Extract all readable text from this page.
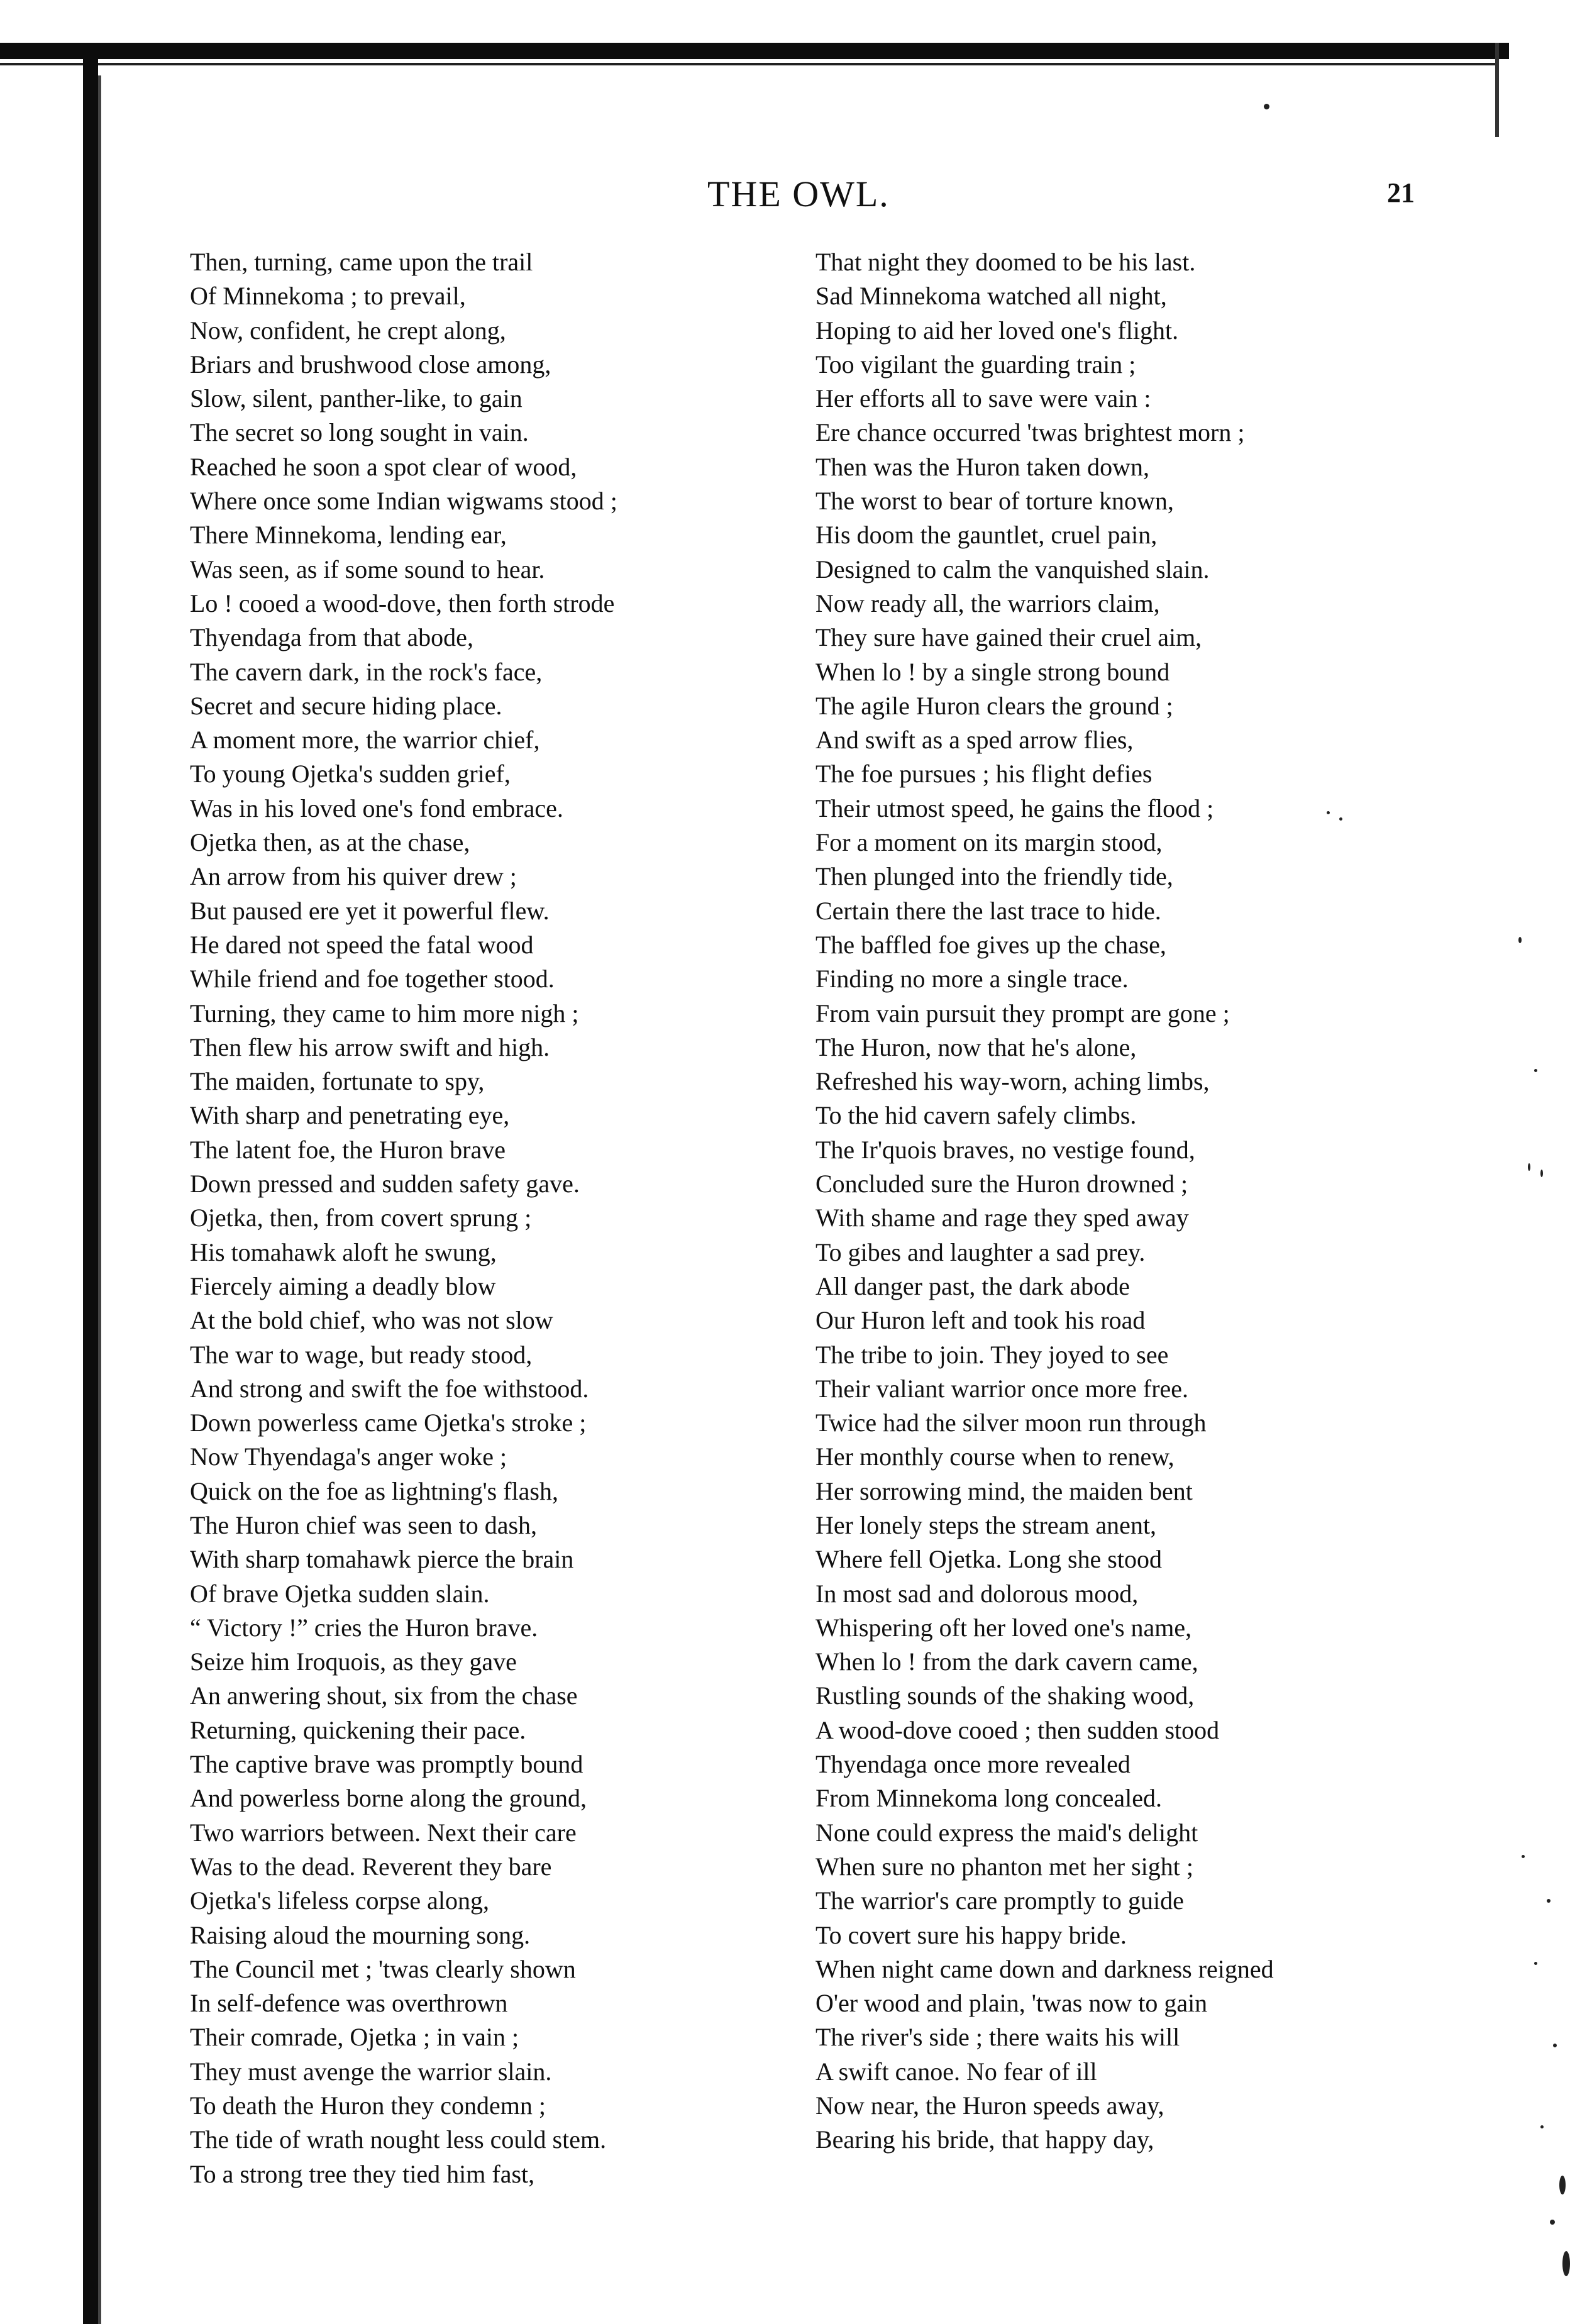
THE OWL.	21
Then, turning, came upon the trail
Of Minnekoma ; to prevail,
Now, confident, he crept along,
Briars and brushwood close among,
Slow, silent, panther-like, to gain
The secret so long sought in vain.
Reached he soon a spot clear of wood,
Where once some Indian wigwams stood ;
There Minnekoma, lending ear,
Was seen, as if some sound to hear.
Lo ! cooed a wood-dove, then forth strode
Thyendaga from that abode,
The cavern dark, in the rock's face,
Secret and secure hiding place.
A moment more, the warrior chief,
To young Ojetka's sudden grief,
Was in his loved one's fond embrace.
Ojetka then, as at the chase,
An arrow from his quiver drew ;
But paused ere yet it powerful flew.
He dared not speed the fatal wood
While friend and foe together stood.
Turning, they came to him more nigh ;
Then flew his arrow swift and high.
The maiden, fortunate to spy,
With sharp and penetrating eye,
The latent foe, the Huron brave
Down pressed and sudden safety gave.
Ojetka, then, from covert sprung ;
His tomahawk aloft he swung,
Fiercely aiming a deadly blow
At the bold chief, who was not slow
The war to wage, but ready stood,
And strong and swift the foe withstood.
Down powerless came Ojetka's stroke ;
Now Thyendaga's anger woke ;
Quick on the foe as lightning's flash,
The Huron chief was seen to dash,
With sharp tomahawk pierce the brain
Of brave Ojetka sudden slain.
“ Victory !” cries the Huron brave.
Seize him Iroquois, as they gave
An anwering shout, six from the chase
Returning, quickening their pace.
The captive brave was promptly bound
And powerless borne along the ground,
Two warriors between. Next their care
Was to the dead. Reverent they bare
Ojetka's lifeless corpse along,
Raising aloud the mourning song.
The Council met ; 'twas clearly shown
In self-defence was overthrown
Their comrade, Ojetka ; in vain ;
They must avenge the warrior slain.
To death the Huron they condemn ;
The tide of wrath nought less could stem.
To a strong tree they tied him fast,
That night they doomed to be his last.
Sad Minnekoma watched all night,
Hoping to aid her loved one's flight.
Too vigilant the guarding train ;
Her efforts all to save were vain :
Ere chance occurred 'twas brightest morn ;
Then was the Huron taken down,
The worst to bear of torture known,
His doom the gauntlet, cruel pain,
Designed to calm the vanquished slain.
Now ready all, the warriors claim,
They sure have gained their cruel aim,
When lo ! by a single strong bound
The agile Huron clears the ground ;
And swift as a sped arrow flies,
The foe pursues ; his flight defies
Their utmost speed, he gains the flood ;
For a moment on its margin stood,
Then plunged into the friendly tide,
Certain there the last trace to hide.
The baffled foe gives up the chase,
Finding no more a single trace.
From vain pursuit they prompt are gone ;
The Huron, now that he's alone,
Refreshed his way-worn, aching limbs,
To the hid cavern safely climbs.
The Ir'quois braves, no vestige found,
Concluded sure the Huron drowned ;
With shame and rage they sped away
To gibes and laughter a sad prey.
All danger past, the dark abode
Our Huron left and took his road
The tribe to join. They joyed to see
Their valiant warrior once more free.
Twice had the silver moon run through
Her monthly course when to renew,
Her sorrowing mind, the maiden bent
Her lonely steps the stream anent,
Where fell Ojetka. Long she stood
In most sad and dolorous mood,
Whispering oft her loved one's name,
When lo ! from the dark cavern came,
Rustling sounds of the shaking wood,
A wood-dove cooed ; then sudden stood
Thyendaga once more revealed
From Minnekoma long concealed.
None could express the maid's delight
When sure no phanton met her sight ;
The warrior's care promptly to guide
To covert sure his happy bride.
When night came down and darkness reigned
O'er wood and plain, 'twas now to gain
The river's side ; there waits his will
A swift canoe. No fear of ill
Now near, the Huron speeds away,
Bearing his bride, that happy day,
